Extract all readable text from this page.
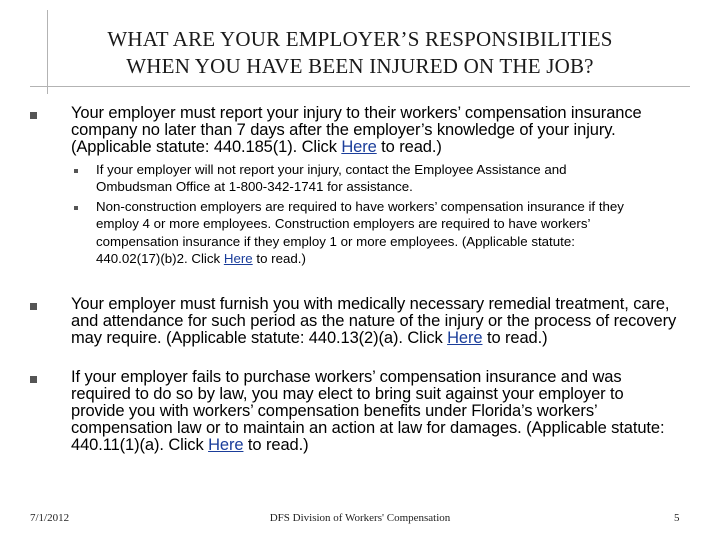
WHAT ARE YOUR EMPLOYER’S RESPONSIBILITIES
WHEN YOU HAVE BEEN INJURED ON THE JOB?
Your employer must report your injury to their workers’ compensation insurance company no later than 7 days after the employer’s knowledge of your injury. (Applicable statute: 440.185(1). Click Here to read.)
If your employer will not report your injury, contact the Employee Assistance and Ombudsman Office at 1-800-342-1741 for assistance.
Non-construction employers are required to have workers’ compensation insurance if they employ 4 or more employees. Construction employers are required to have workers’ compensation insurance if they employ 1 or more employees. (Applicable statute: 440.02(17)(b)2. Click Here to read.)
Your employer must furnish you with medically necessary remedial treatment, care, and attendance for such period as the nature of the injury or the process of recovery may require. (Applicable statute: 440.13(2)(a). Click Here to read.)
If your employer fails to purchase workers’ compensation insurance and was required to do so by law, you may elect to bring suit against your employer to provide you with workers’ compensation benefits under Florida’s workers’ compensation law or to maintain an action at law for damages. (Applicable statute: 440.11(1)(a). Click Here to read.)
7/1/2012	DFS Division of Workers' Compensation	5
